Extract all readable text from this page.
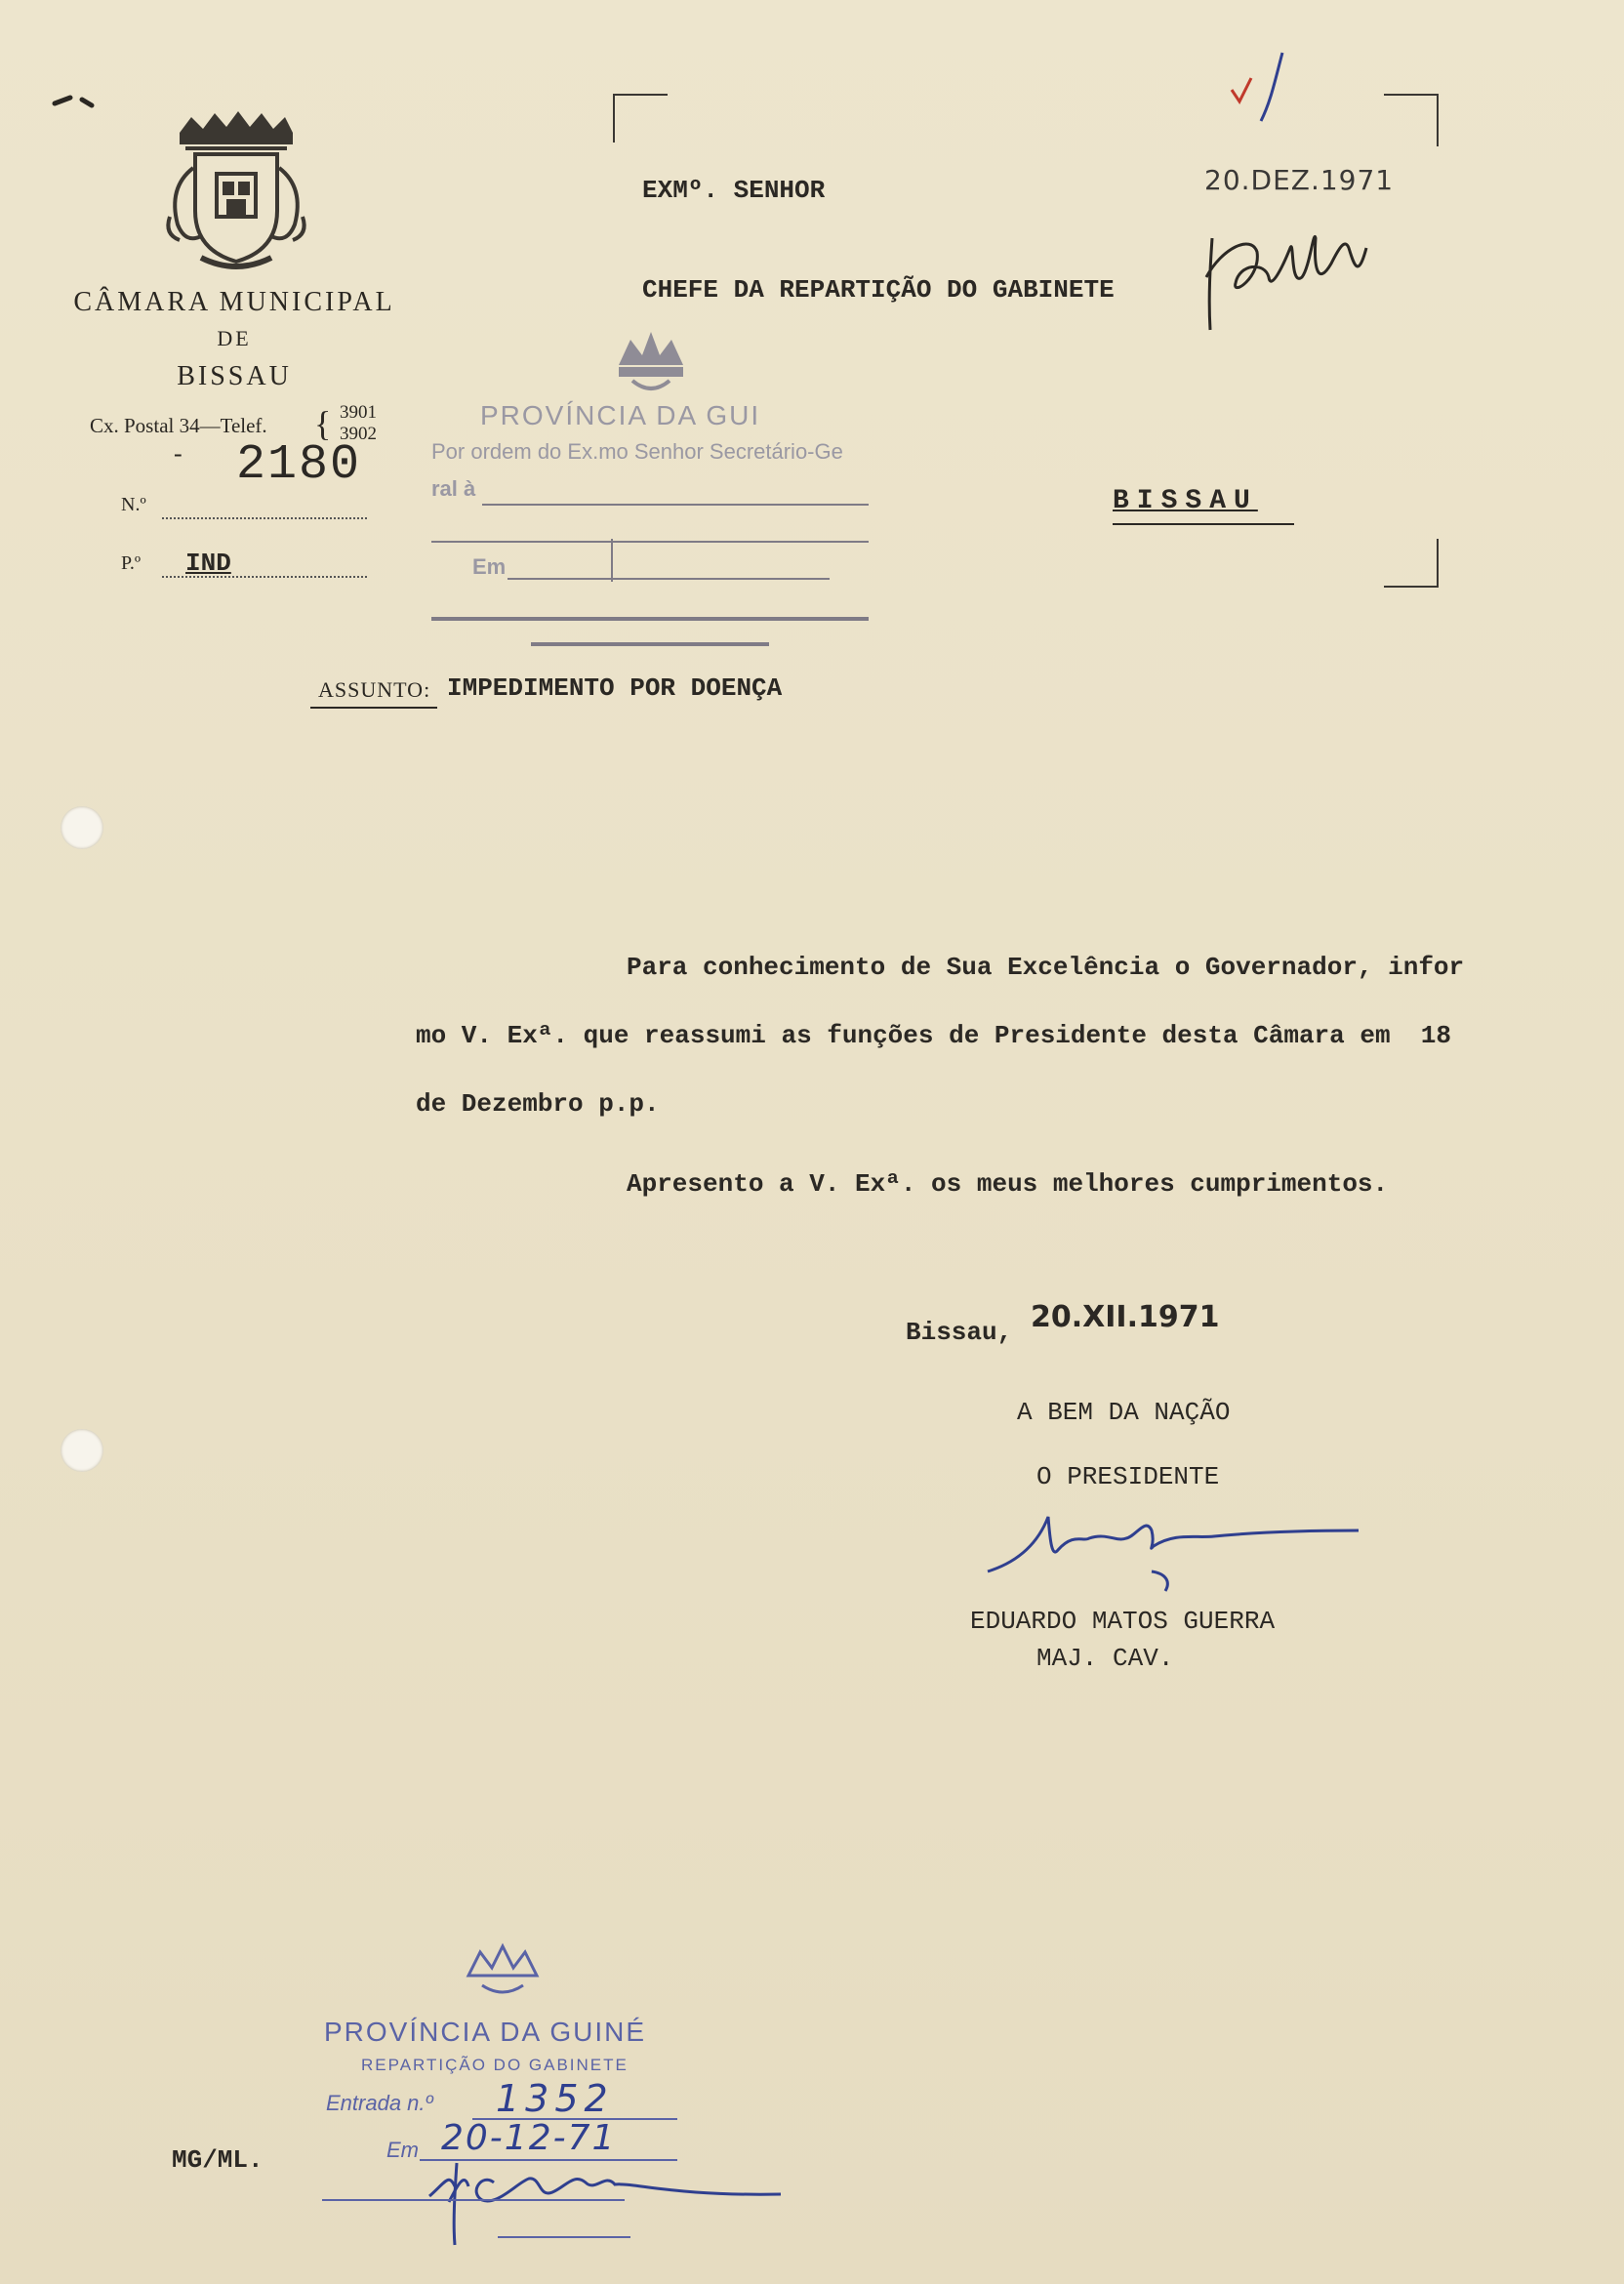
CÂMARA MUNICIPAL
DE
BISSAU
Cx. Postal 34—Telef. { 3901
3902
- 2180
N.º
P.º IND
EXMº. SENHOR
CHEFE DA REPARTIÇÃO DO GABINETE
BISSAU
20.DEZ.1971
PROVÍNCIA DA GUI
Por ordem do Ex.mo Senhor Secretário-Ge
ral à
Em
ASSUNTO: IMPEDIMENTO POR DOENÇA
Para conhecimento de Sua Excelência o Governador, infor
mo V. Exª. que reassumi as funções de Presidente desta Câmara em  18
de Dezembro p.p.
Apresento a V. Exª. os meus melhores cumprimentos.
Bissau, 20.XII.1971
A BEM DA NAÇÃO
O PRESIDENTE
EDUARDO MATOS GUERRA
MAJ. CAV.
PROVÍNCIA DA GUINÉ
REPARTIÇÃO DO GABINETE
Entrada n.º 1352
Em 20-12-71
MG/ML.
